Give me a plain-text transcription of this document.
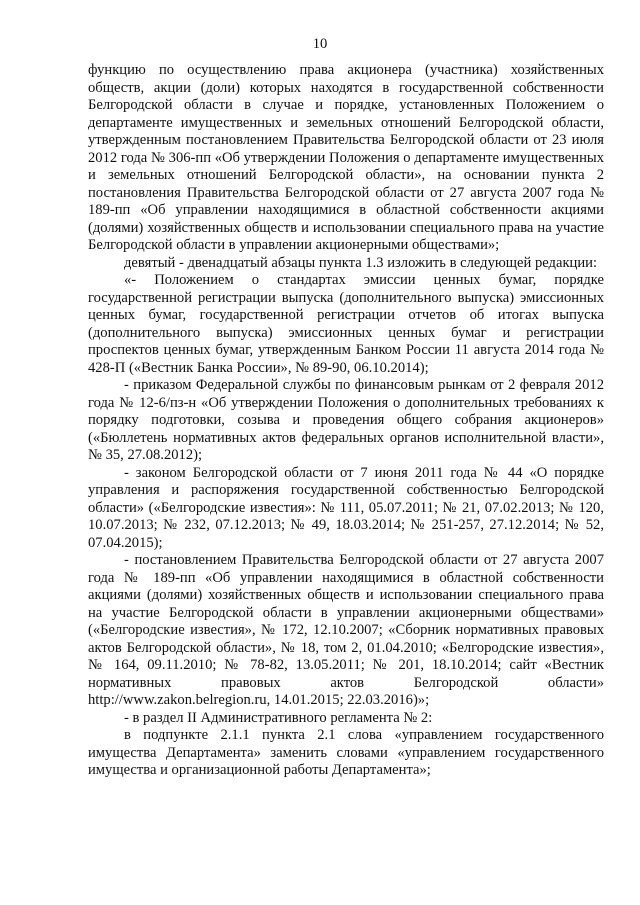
10

функцию по осуществлению права акционера (участника) хозяйственных обществ, акции (доли) которых находятся в государственной собственности Белгородской области в случае и порядке, установленных Положением о департаменте имущественных и земельных отношений Белгородской области, утвержденным постановлением Правительства Белгородской области от 23 июля 2012 года № 306-пп «Об утверждении Положения о департаменте имущественных и земельных отношений Белгородской области», на основании пункта 2 постановления Правительства Белгородской области от 27 августа 2007 года № 189-пп «Об управлении находящимися в областной собственности акциями (долями) хозяйственных обществ и использовании специального права на участие Белгородской области в управлении акционерными обществами»;

девятый - двенадцатый абзацы пункта 1.3 изложить в следующей редакции:

«- Положением о стандартах эмиссии ценных бумаг, порядке государственной регистрации выпуска (дополнительного выпуска) эмиссионных ценных бумаг, государственной регистрации отчетов об итогах выпуска (дополнительного выпуска) эмиссионных ценных бумаг и регистрации проспектов ценных бумаг, утвержденным Банком России 11 августа 2014 года № 428-П («Вестник Банка России», № 89-90, 06.10.2014);

- приказом Федеральной службы по финансовым рынкам от 2 февраля 2012 года № 12-6/пз-н «Об утверждении Положения о дополнительных требованиях к порядку подготовки, созыва и проведения общего собрания акционеров» («Бюллетень нормативных актов федеральных органов исполнительной власти», № 35, 27.08.2012);

- законом Белгородской области от 7 июня 2011 года № 44 «О порядке управления и распоряжения государственной собственностью Белгородской области» («Белгородские известия»: № 111, 05.07.2011; № 21, 07.02.2013; № 120, 10.07.2013; № 232, 07.12.2013; № 49, 18.03.2014; № 251-257, 27.12.2014; № 52, 07.04.2015);

- постановлением Правительства Белгородской области от 27 августа 2007 года № 189-пп «Об управлении находящимися в областной собственности акциями (долями) хозяйственных обществ и использовании специального права на участие Белгородской области в управлении акционерными обществами» («Белгородские известия», № 172, 12.10.2007; «Сборник нормативных правовых актов Белгородской области», № 18, том 2, 01.04.2010; «Белгородские известия», № 164, 09.11.2010; № 78-82, 13.05.2011; № 201, 18.10.2014; сайт «Вестник нормативных правовых актов Белгородской области» http://www.zakon.belregion.ru, 14.01.2015; 22.03.2016)»;

- в раздел II Административного регламента № 2:

в подпункте 2.1.1 пункта 2.1 слова «управлением государственного имущества Департамента» заменить словами «управлением государственного имущества и организационной работы Департамента»;
